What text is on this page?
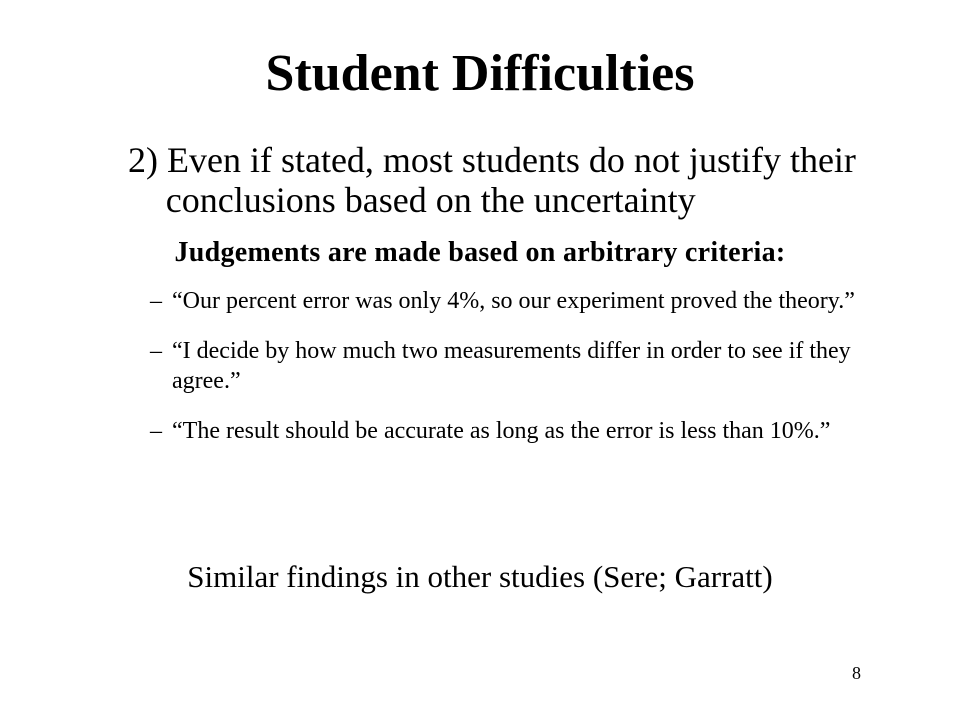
Student Difficulties
2) Even if stated, most students do not justify their conclusions based on the uncertainty
Judgements are made based on arbitrary criteria:
– “Our percent error was only 4%, so our experiment proved the theory.”
– “I decide by how much two measurements differ in order to see if they agree.”
– “The result should be accurate as long as the error is less than 10%.”
Similar findings in other studies (Sere; Garratt)
8
